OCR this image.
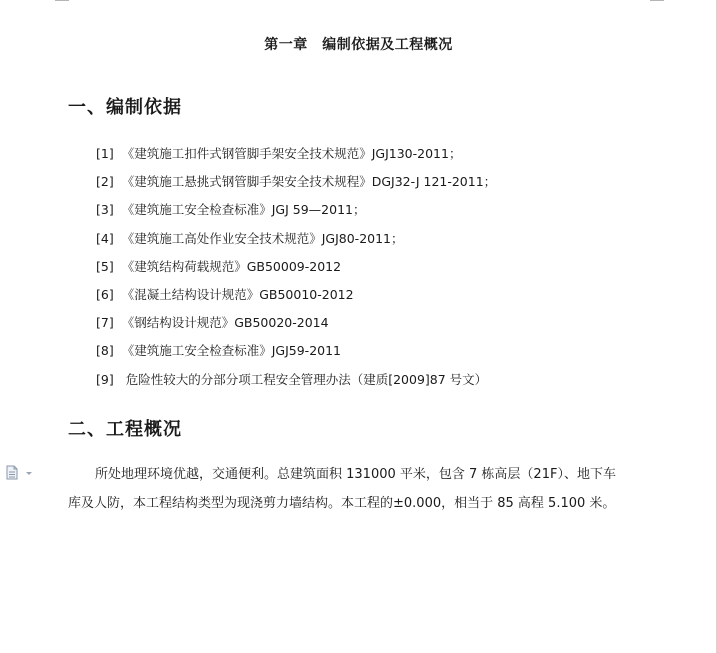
第一章　编制依据及工程概况
一、编制依据
[1] 《建筑施工扣件式钢管脚手架安全技术规范》JGJ130-2011；
[2] 《建筑施工悬挑式钢管脚手架安全技术规程》DGJ32-J 121-2011；
[3] 《建筑施工安全检查标准》JGJ 59—2011；
[4] 《建筑施工高处作业安全技术规范》JGJ80-2011；
[5] 《建筑结构荷载规范》GB50009-2012
[6] 《混凝土结构设计规范》GB50010-2012
[7] 《钢结构设计规范》GB50020-2014
[8] 《建筑施工安全检查标准》JGJ59-2011
[9] 危险性较大的分部分项工程安全管理办法（建质[2009]87 号文）
二、工程概况

所处地理环境优越，交通便利。总建筑面积 131000 平米，包含 7 栋高层（21F）、地下车
库及人防，本工程结构类型为现浇剪力墙结构。本工程的±0.000，相当于 85 高程 5.100 米。
